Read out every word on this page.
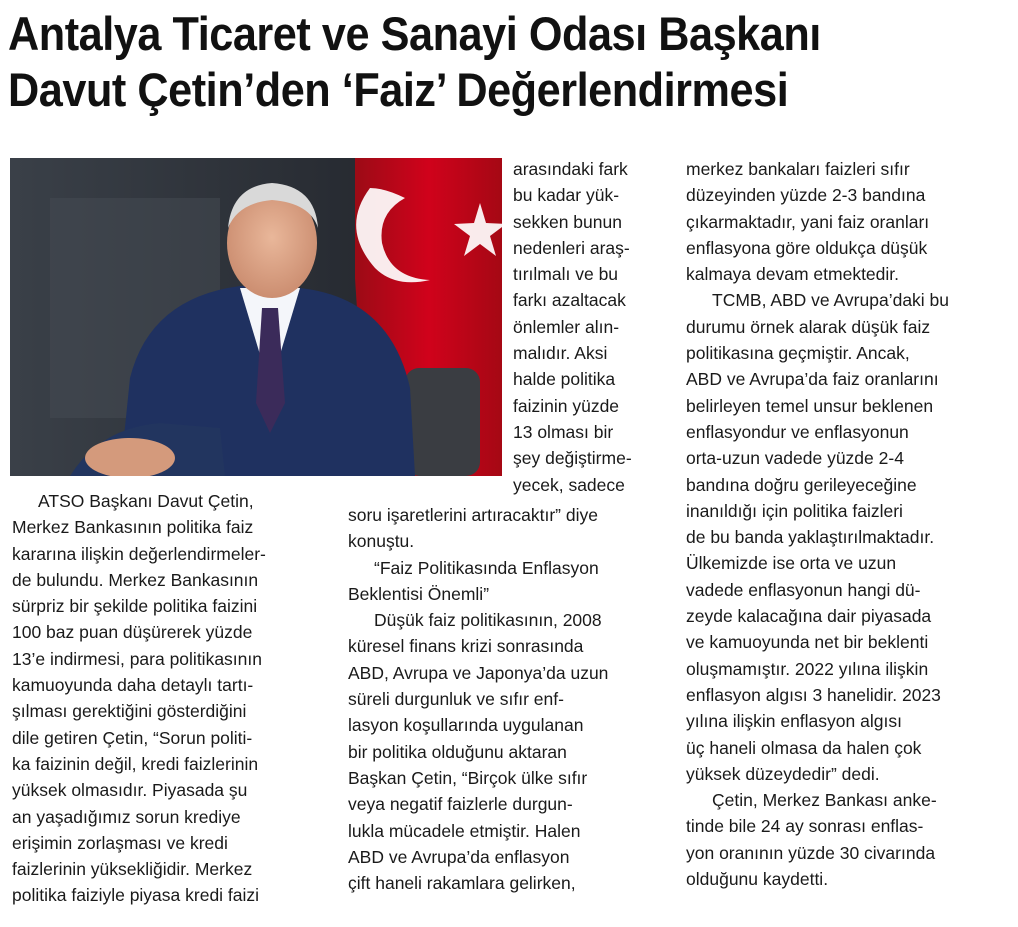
Antalya Ticaret ve Sanayi Odası Başkanı
Davut Çetin’den ‘Faiz’ Değerlendirmesi
ATSO Başkanı Davut Çetin,
Merkez Bankasının politika faiz
kararına ilişkin değerlendirmeler-
de bulundu. Merkez Bankasının
sürpriz bir şekilde politika faizini
100 baz puan düşürerek yüzde
13’e indirmesi, para politikasının
kamuoyunda daha detaylı tartı-
şılması gerektiğini gösterdiğini
dile getiren Çetin, “Sorun politi-
ka faizinin değil, kredi faizlerinin
yüksek olmasıdır. Piyasada şu
an yaşadığımız sorun krediye
erişimin zorlaşması ve kredi
faizlerinin yüksekliğidir. Merkez
politika faiziyle piyasa kredi faizi
arasındaki fark
bu kadar yük-
sekken bunun
nedenleri araş-
tırılmalı ve bu
farkı azaltacak
önlemler alın-
malıdır. Aksi
halde politika
faizinin yüzde
13 olması bir
şey değiştirme-
yecek, sadece
soru işaretlerini artıracaktır” diye
konuştu.
“Faiz Politikasında Enflasyon
Beklentisi Önemli”
Düşük faiz politikasının, 2008
küresel finans krizi sonrasında
ABD, Avrupa ve Japonya’da uzun
süreli durgunluk ve sıfır enf-
lasyon koşullarında uygulanan
bir politika olduğunu aktaran
Başkan Çetin, “Birçok ülke sıfır
veya negatif faizlerle durgun-
lukla mücadele etmiştir. Halen
ABD ve Avrupa’da enflasyon
çift haneli rakamlara gelirken,
merkez bankaları faizleri sıfır
düzeyinden yüzde 2-3 bandına
çıkarmaktadır, yani faiz oranları
enflasyona göre oldukça düşük
kalmaya devam etmektedir.
TCMB, ABD ve Avrupa’daki bu
durumu örnek alarak düşük faiz
politikasına geçmiştir. Ancak,
ABD ve Avrupa’da faiz oranlarını
belirleyen temel unsur beklenen
enflasyondur ve enflasyonun
orta-uzun vadede yüzde 2-4
bandına doğru gerileyeceğine
inanıldığı için politika faizleri
de bu banda yaklaştırılmaktadır.
Ülkemizde ise orta ve uzun
vadede enflasyonun hangi dü-
zeyde kalacağına dair piyasada
ve kamuoyunda net bir beklenti
oluşmamıştır. 2022 yılına ilişkin
enflasyon algısı 3 hanelidir. 2023
yılına ilişkin enflasyon algısı
üç haneli olmasa da halen çok
yüksek düzeydedir” dedi.
Çetin, Merkez Bankası anke-
tinde bile 24 ay sonrası enflas-
yon oranının yüzde 30 civarında
olduğunu kaydetti.
